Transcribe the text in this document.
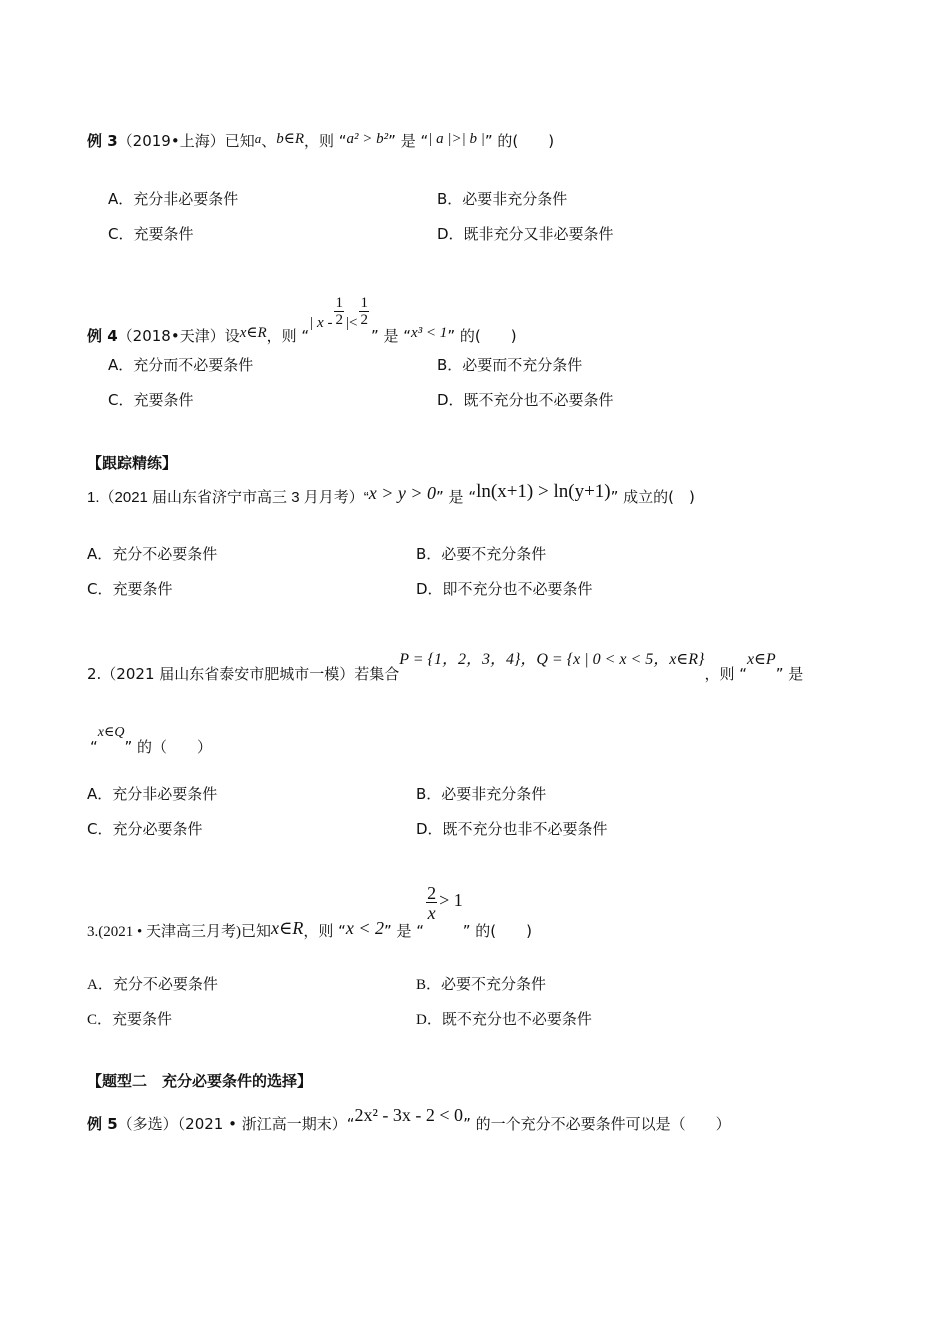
例 3（2019•上海）已知a、b∈R，则 “a² > b²” 是 “| a |>| b |” 的(　　)
A．充分非必要条件	B．必要非充分条件
C．充要条件	D．既非充分又非必要条件
例 4（2018•天津）设x∈R，则 “| x - $\frac{1}{2}$ |< $\frac{1}{2}$
” 是 “x³ < 1” 的(　　)
A．充分而不必要条件	B．必要而不充分条件
C．充要条件	D．既不充分也不必要条件
【跟踪精练】
1.（2021 届山东省济宁市高三 3 月月考）“x > y > 0” 是 “ln(x+1) > ln(y+1)” 成立的(　)
A．充分不必要条件	B．必要不充分条件
C．充要条件	D．即不充分也不必要条件
2.（2021 届山东省泰安市肥城市一模）若集合P = {1，2，3，4}，Q = {x | 0 < x < 5，x∈R}，则 “x∈P” 是
“x∈Q” 的（　　）
A．充分非必要条件	B．必要非充分条件
C．充分必要条件	D．既不充分也非不必要条件
3.(2021 • 天津高三月考)已知x∈R，则 “x < 2” 是 “
$\frac{2}{x} > 1$” 的(　　)
A．充分不必要条件	B．必要不充分条件
C．充要条件	D．既不充分也不必要条件
【题型二　充分必要条件的选择】
例 5（多选）（2021 • 浙江高一期末）“2x² - 3x - 2 < 0” 的一个充分不必要条件可以是（　　）
